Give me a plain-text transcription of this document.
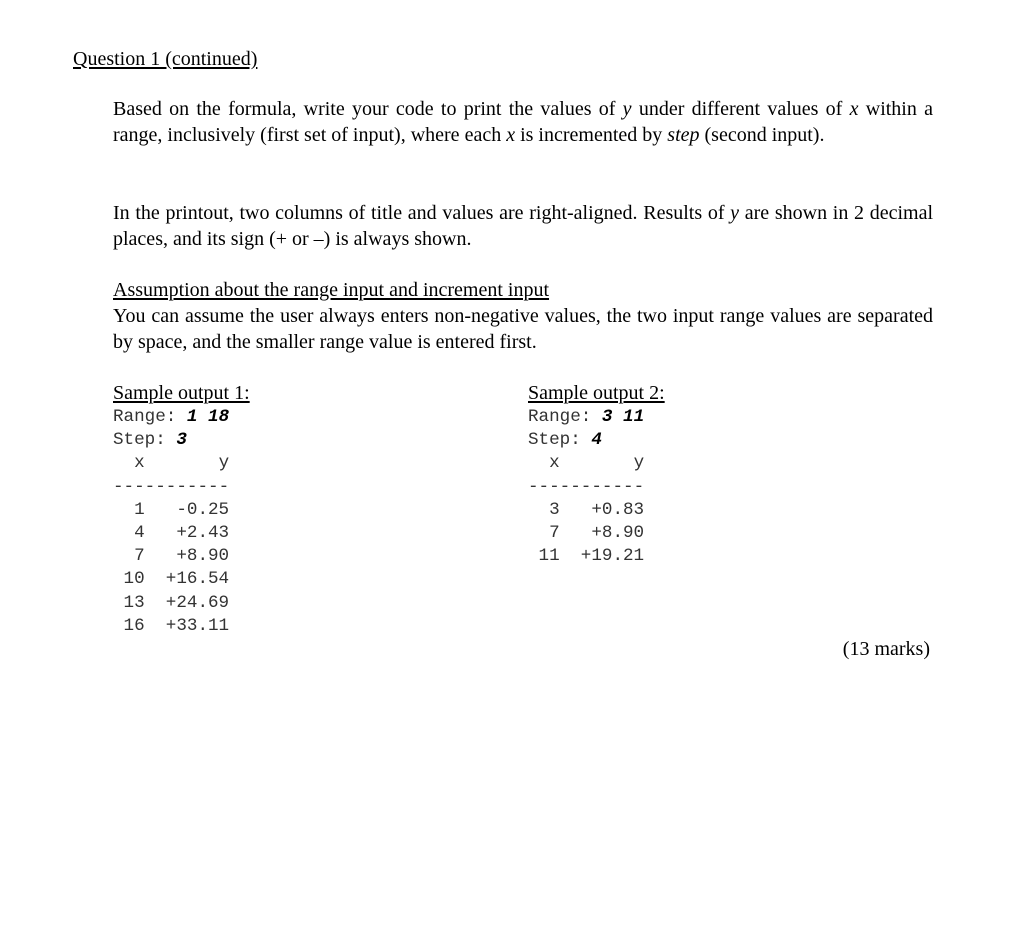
Question 1 (continued)
Based on the formula, write your code to print the values of y under different values of x within a range, inclusively (first set of input), where each x is incremented by step (second input).
In the printout, two columns of title and values are right-aligned. Results of y are shown in 2 decimal places, and its sign (+ or –) is always shown.
Assumption about the range input and increment input
You can assume the user always enters non-negative values, the two input range values are separated by space, and the smaller range value is entered first.
Sample output 1:
Range: 1 18
Step: 3
x	y
-----------
1 -0.25
4 +2.43
7 +8.90
10 +16.54
13 +24.69
16 +33.11
Sample output 2:
Range: 3 11
Step: 4
x	y
-----------
3 +0.83
7 +8.90
11 +19.21
(13 marks)
